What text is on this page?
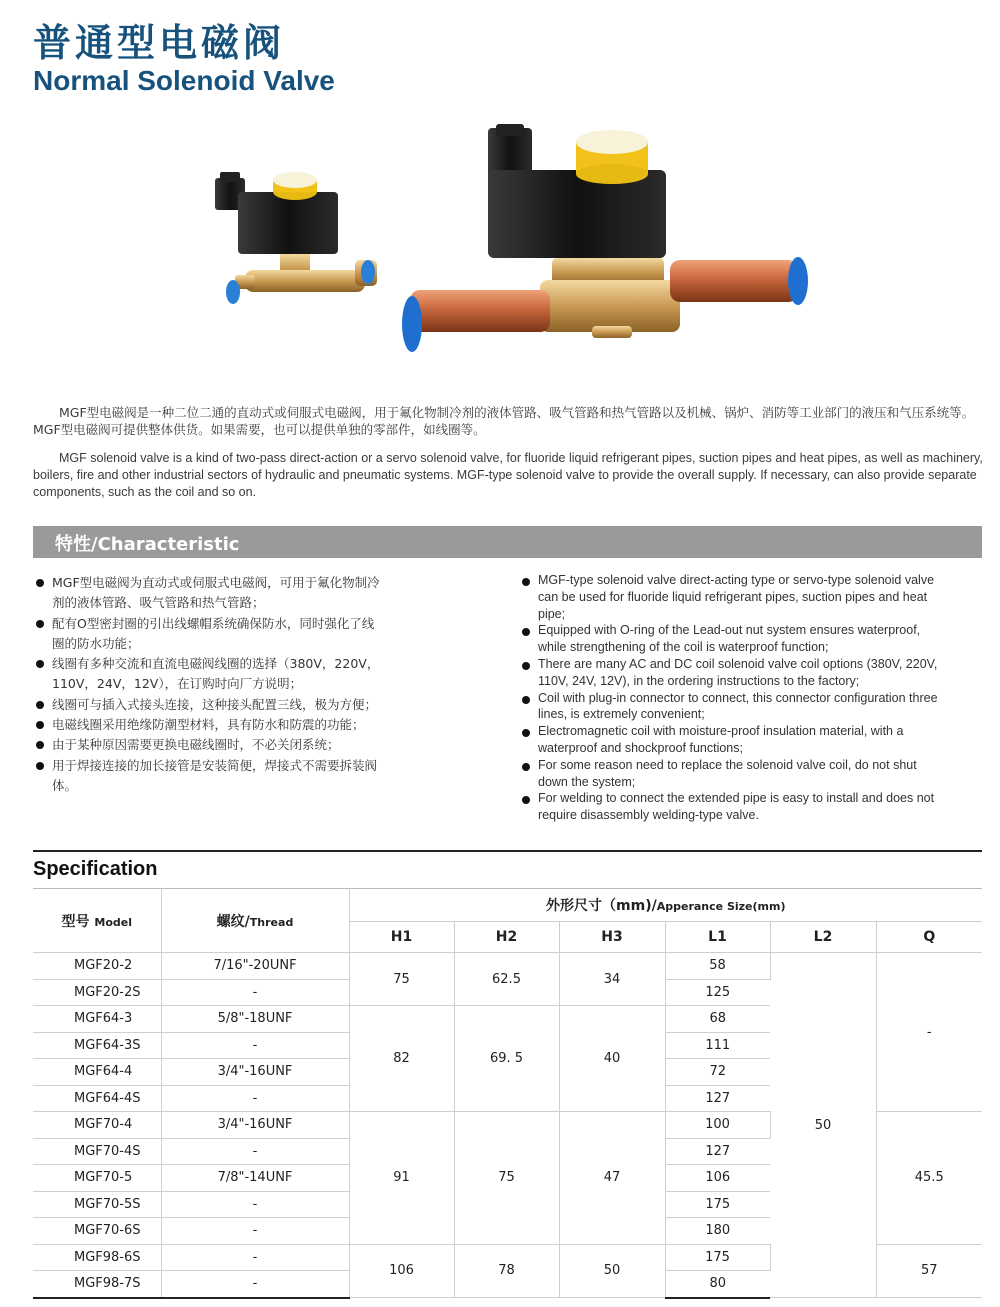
普通型电磁阀
Normal Solenoid Valve

MGF型电磁阀是一种二位二通的直动式或伺服式电磁阀，用于氟化物制冷剂的液体管路、吸气管路和热气管路以及机械、锅炉、消防等工业部门的液压和气压系统等。MGF型电磁阀可提供整体供货。如果需要，也可以提供单独的零部件，如线圈等。

MGF solenoid valve is a kind of two-pass direct-action or a servo solenoid valve, for fluoride liquid refrigerant pipes, suction pipes and heat pipes, as well as machinery, boilers, fire and other industrial sectors of hydraulic and pneumatic systems. MGF-type solenoid valve to provide the overall supply. If necessary, can also provide separate components, such as the coil and so on.

特性/Characteristic
MGF型电磁阀为直动式或伺服式电磁阀，可用于氟化物制冷剂的液体管路、吸气管路和热气管路；
配有O型密封圈的引出线螺帽系统确保防水，同时强化了线圈的防水功能；
线圈有多种交流和直流电磁阀线圈的选择（380V，220V，110V，24V，12V），在订购时向厂方说明；
线圈可与插入式接头连接，这种接头配置三线，极为方便；
电磁线圈采用绝缘防潮型材料，具有防水和防震的功能；
由于某种原因需要更换电磁线圈时，不必关闭系统；
用于焊接连接的加长接管是安装简便，焊接式不需要拆装阀体。
MGF-type solenoid valve direct-acting type or servo-type solenoid valve can be used for fluoride liquid refrigerant pipes, suction pipes and heat pipe;
Equipped with O-ring of the Lead-out nut system ensures waterproof, while strengthening of the coil is waterproof function;
There are many AC and DC coil solenoid valve coil options (380V, 220V, 110V, 24V, 12V), in the ordering instructions to the factory;
Coil with plug-in connector to connect, this connector configuration three lines, is extremely convenient;
Electromagnetic coil with moisture-proof insulation material, with a waterproof and shockproof functions;
For some reason need to replace the solenoid valve coil, do not shut down the system;
For welding to connect the extended pipe is easy to install and does not require disassembly welding-type valve.
Specification
型号 Model	螺纹/Thread	外形尺寸（mm)/Apperance Size(mm)					
		H1	H2	H3	L1	L2	Q
MGF20-2	7/16"-20UNF	75	62.5	34	58	50	-
MGF20-2S	-				125		
MGF64-3	5/8"-18UNF	82	69. 5	40	68		
MGF64-3S	-				111		
MGF64-4	3/4"-16UNF				72		
MGF64-4S	-				127		
MGF70-4	3/4"-16UNF	91	75	47	100		45.5
MGF70-4S	-				127		
MGF70-5	7/8"-14UNF				106		
MGF70-5S	-				175		
MGF70-6S	-				180		
MGF98-6S	-	106	78	50	175		57
MGF98-7S	-				80		
